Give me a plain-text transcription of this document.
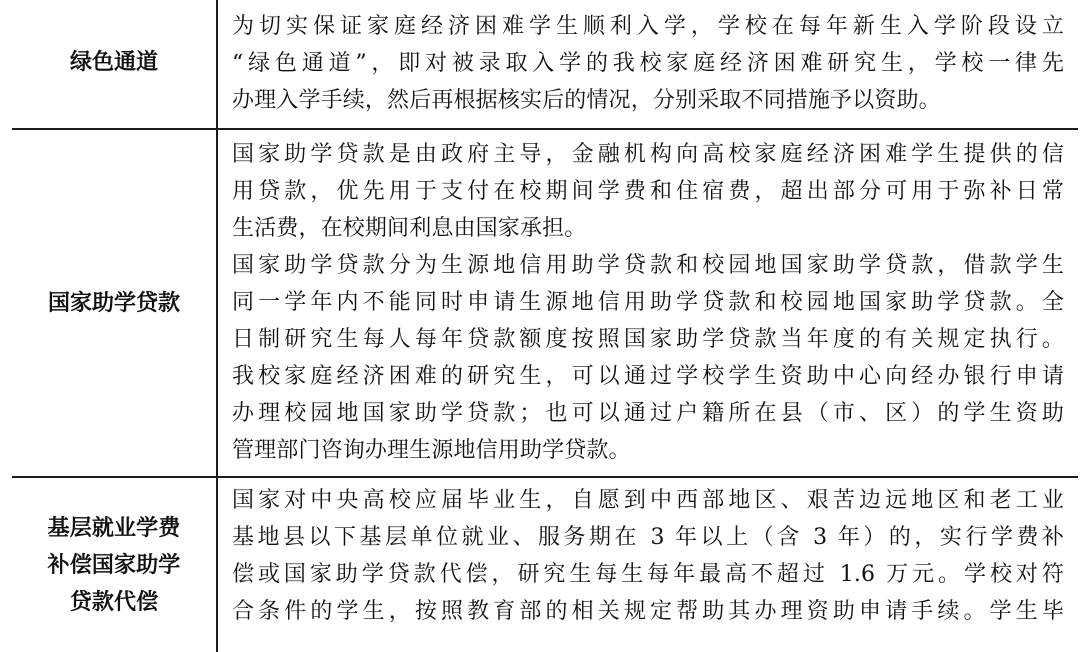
绿色通道
为切实保证家庭经济困难学生顺利入学，学校在每年新生入学阶段设立
“绿色通道”，即对被录取入学的我校家庭经济困难研究生，学校一律先
办理入学手续，然后再根据核实后的情况，分别采取不同措施予以资助。
国家助学贷款
国家助学贷款是由政府主导，金融机构向高校家庭经济困难学生提供的信
用贷款，优先用于支付在校期间学费和住宿费，超出部分可用于弥补日常
生活费，在校期间利息由国家承担。
国家助学贷款分为生源地信用助学贷款和校园地国家助学贷款，借款学生
同一学年内不能同时申请生源地信用助学贷款和校园地国家助学贷款。全
日制研究生每人每年贷款额度按照国家助学贷款当年度的有关规定执行。
我校家庭经济困难的研究生，可以通过学校学生资助中心向经办银行申请
办理校园地国家助学贷款；也可以通过户籍所在县（市、区）的学生资助
管理部门咨询办理生源地信用助学贷款。
基层就业学费
补偿国家助学
贷款代偿
国家对中央高校应届毕业生，自愿到中西部地区、艰苦边远地区和老工业
基地县以下基层单位就业、服务期在 3 年以上（含 3 年）的，实行学费补
偿或国家助学贷款代偿，研究生每生每年最高不超过 1.6 万元。学校对符
合条件的学生，按照教育部的相关规定帮助其办理资助申请手续。学生毕
